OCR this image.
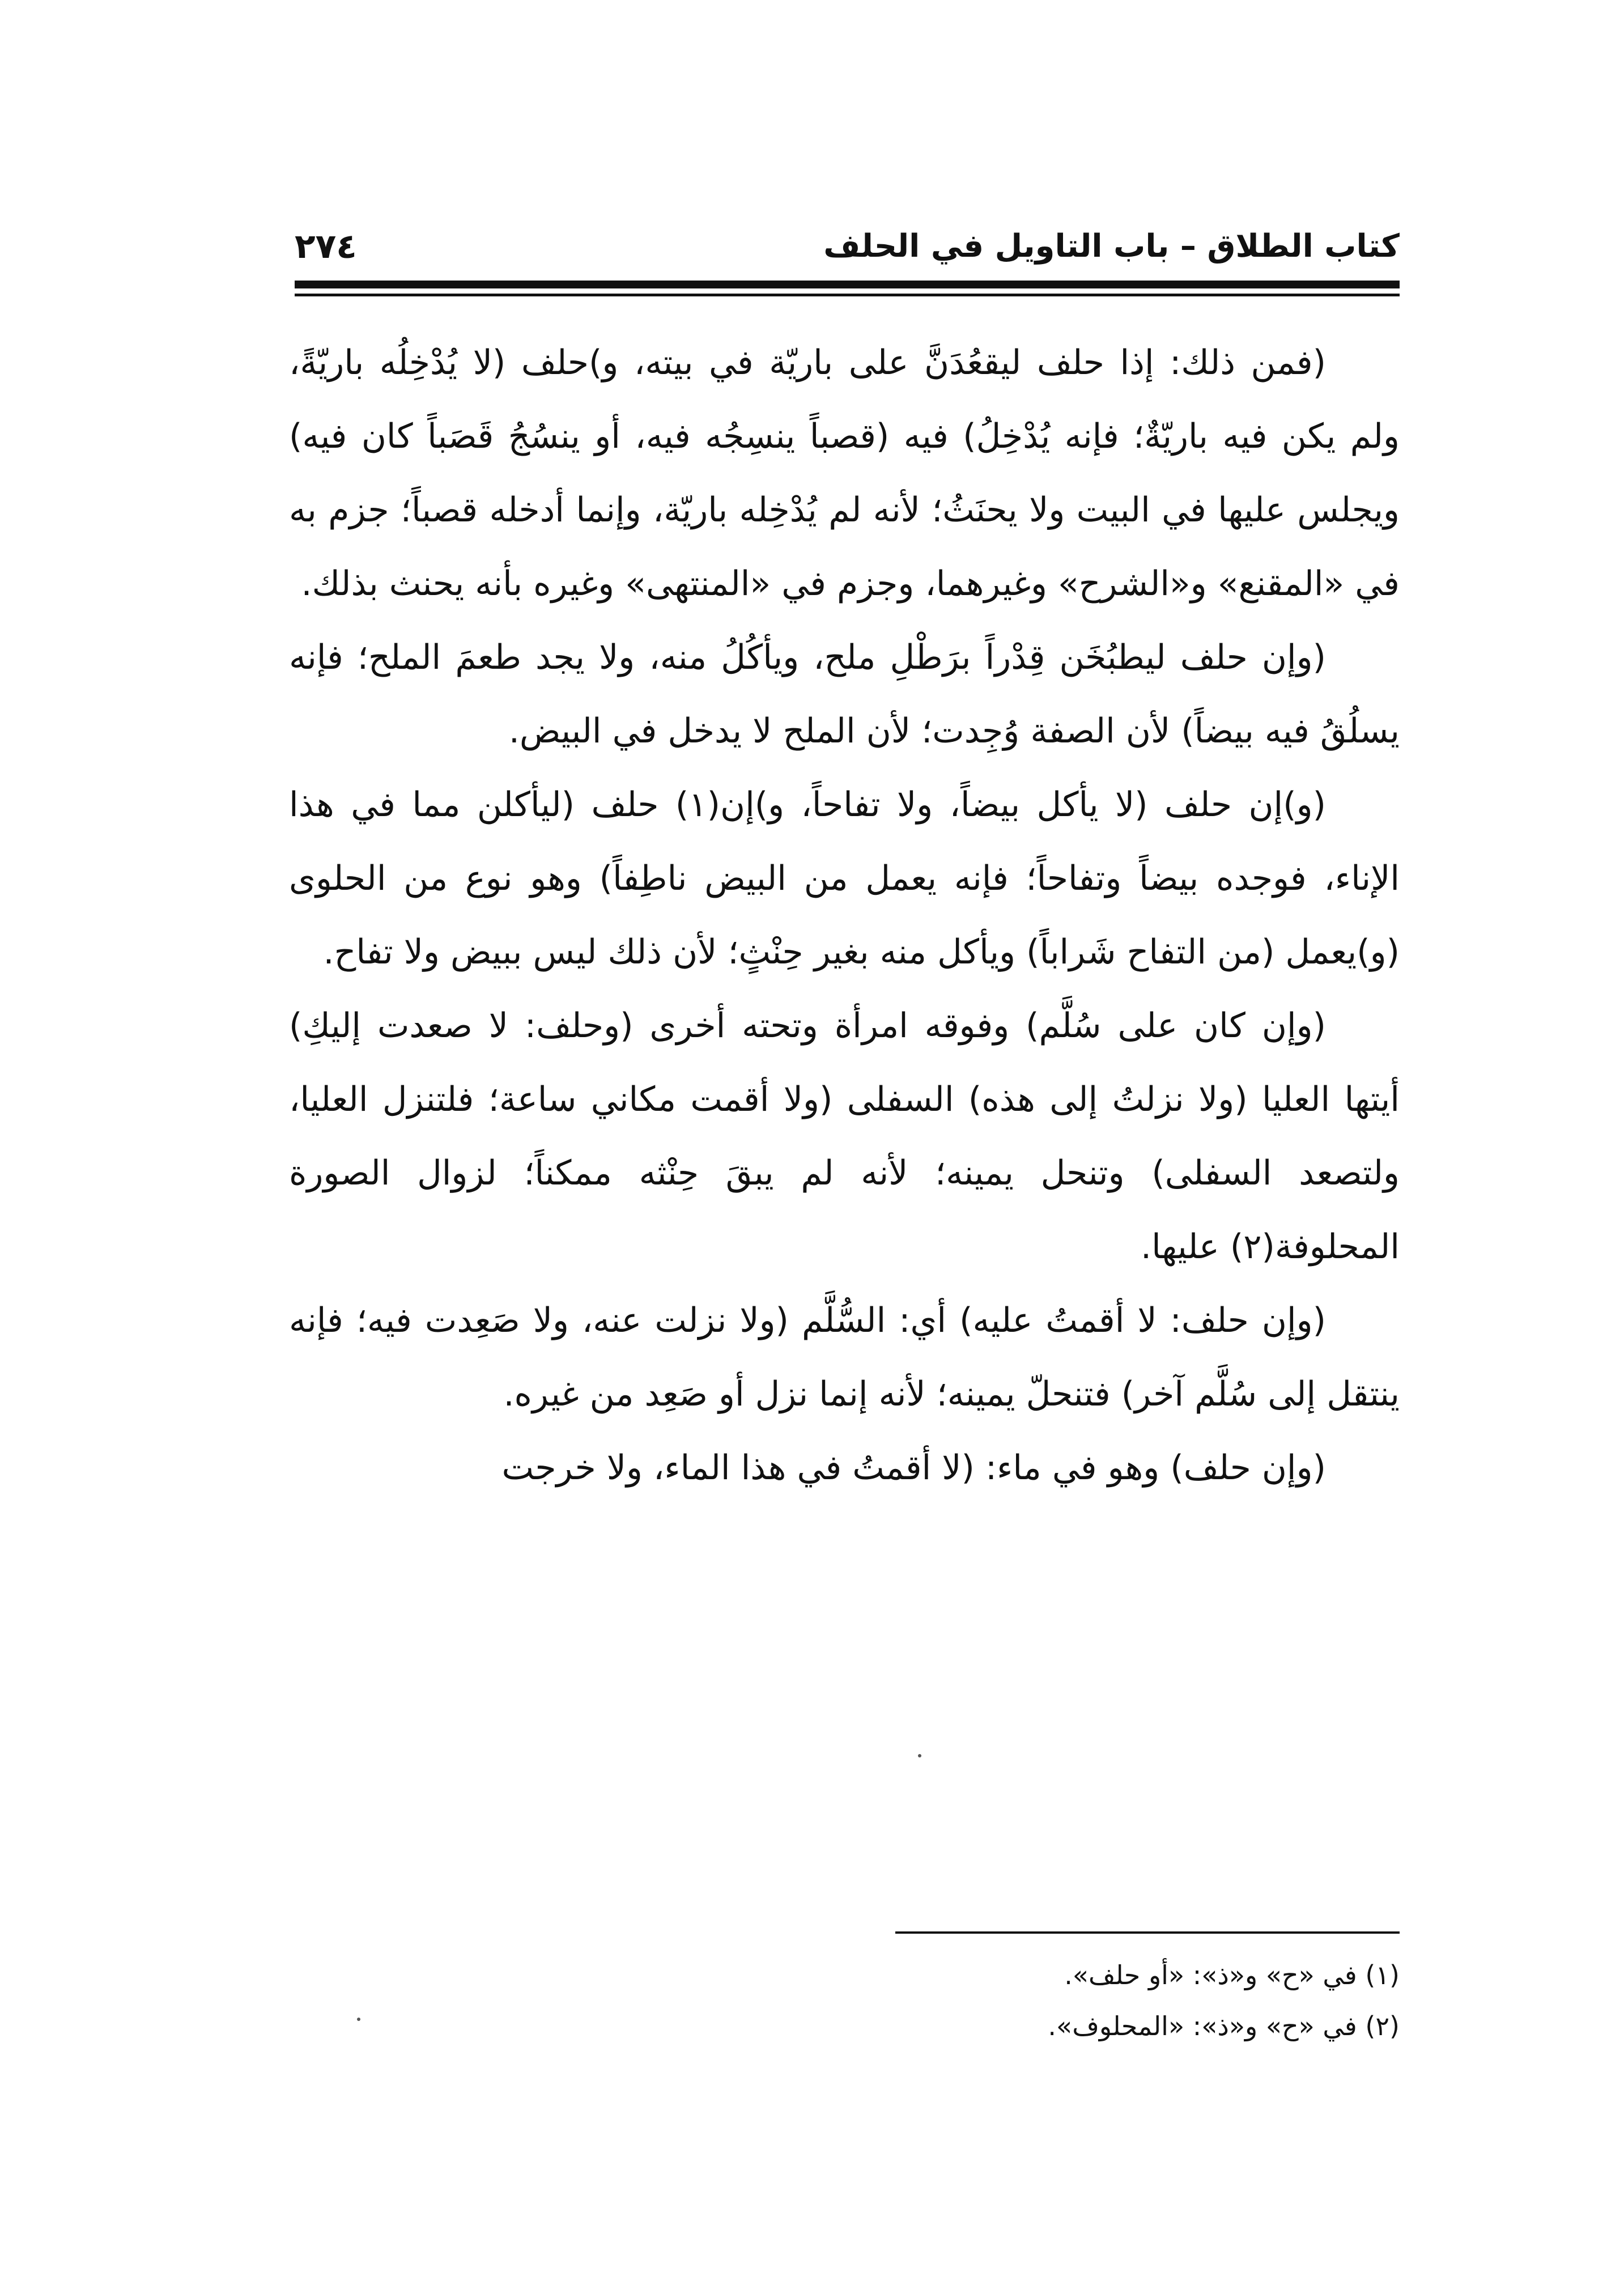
كتاب الطلاق – باب التاويل في الحلف
٢٧٤

(فمن ذلك: إذا حلف ليقعُدَنَّ على باريّة في بيته، و)حلف (لا يُدْخِلُه باريّةً، ولم يكن فيه باريّةٌ؛ فإنه يُدْخِلُ) فيه (قصباً ينسِجُه فيه، أو ينسُجُ قَصَباً كان فيه) ويجلس عليها في البيت ولا يحنَثُ؛ لأنه لم يُدْخِله باريّة، وإنما أدخله قصباً؛ جزم به في «المقنع» و«الشرح» وغيرهما، وجزم في «المنتهى» وغيره بأنه يحنث بذلك.

(وإن حلف ليطبُخَن قِدْراً برَطْلِ ملح، ويأكُلُ منه، ولا يجد طعمَ الملح؛ فإنه يسلُقُ فيه بيضاً) لأن الصفة وُجِدت؛ لأن الملح لا يدخل في البيض.

(و)إن حلف (لا يأكل بيضاً، ولا تفاحاً، و)إن(١) حلف (ليأكلن مما في هذا الإناء، فوجده بيضاً وتفاحاً؛ فإنه يعمل من البيض ناطِفاً) وهو نوع من الحلوى (و)يعمل (من التفاح شَراباً) ويأكل منه بغير حِنْثٍ؛ لأن ذلك ليس ببيض ولا تفاح.

(وإن كان على سُلَّم) وفوقه امرأة وتحته أخرى (وحلف: لا صعدت إليكِ) أيتها العليا (ولا نزلتُ إلى هذه) السفلى (ولا أقمت مكاني ساعة؛ فلتنزل العليا، ولتصعد السفلى) وتنحل يمينه؛ لأنه لم يبقَ حِنْثه ممكناً؛ لزوال الصورة المحلوفة(٢) عليها.

(وإن حلف: لا أقمتُ عليه) أي: السُّلَّم (ولا نزلت عنه، ولا صَعِدت فيه؛ فإنه ينتقل إلى سُلَّم آخر) فتنحلّ يمينه؛ لأنه إنما نزل أو صَعِد من غيره.

(وإن حلف) وهو في ماء: (لا أقمتُ في هذا الماء، ولا خرجت

(١) في «ح» و«ذ»: «أو حلف».
(٢) في «ح» و«ذ»: «المحلوف».
